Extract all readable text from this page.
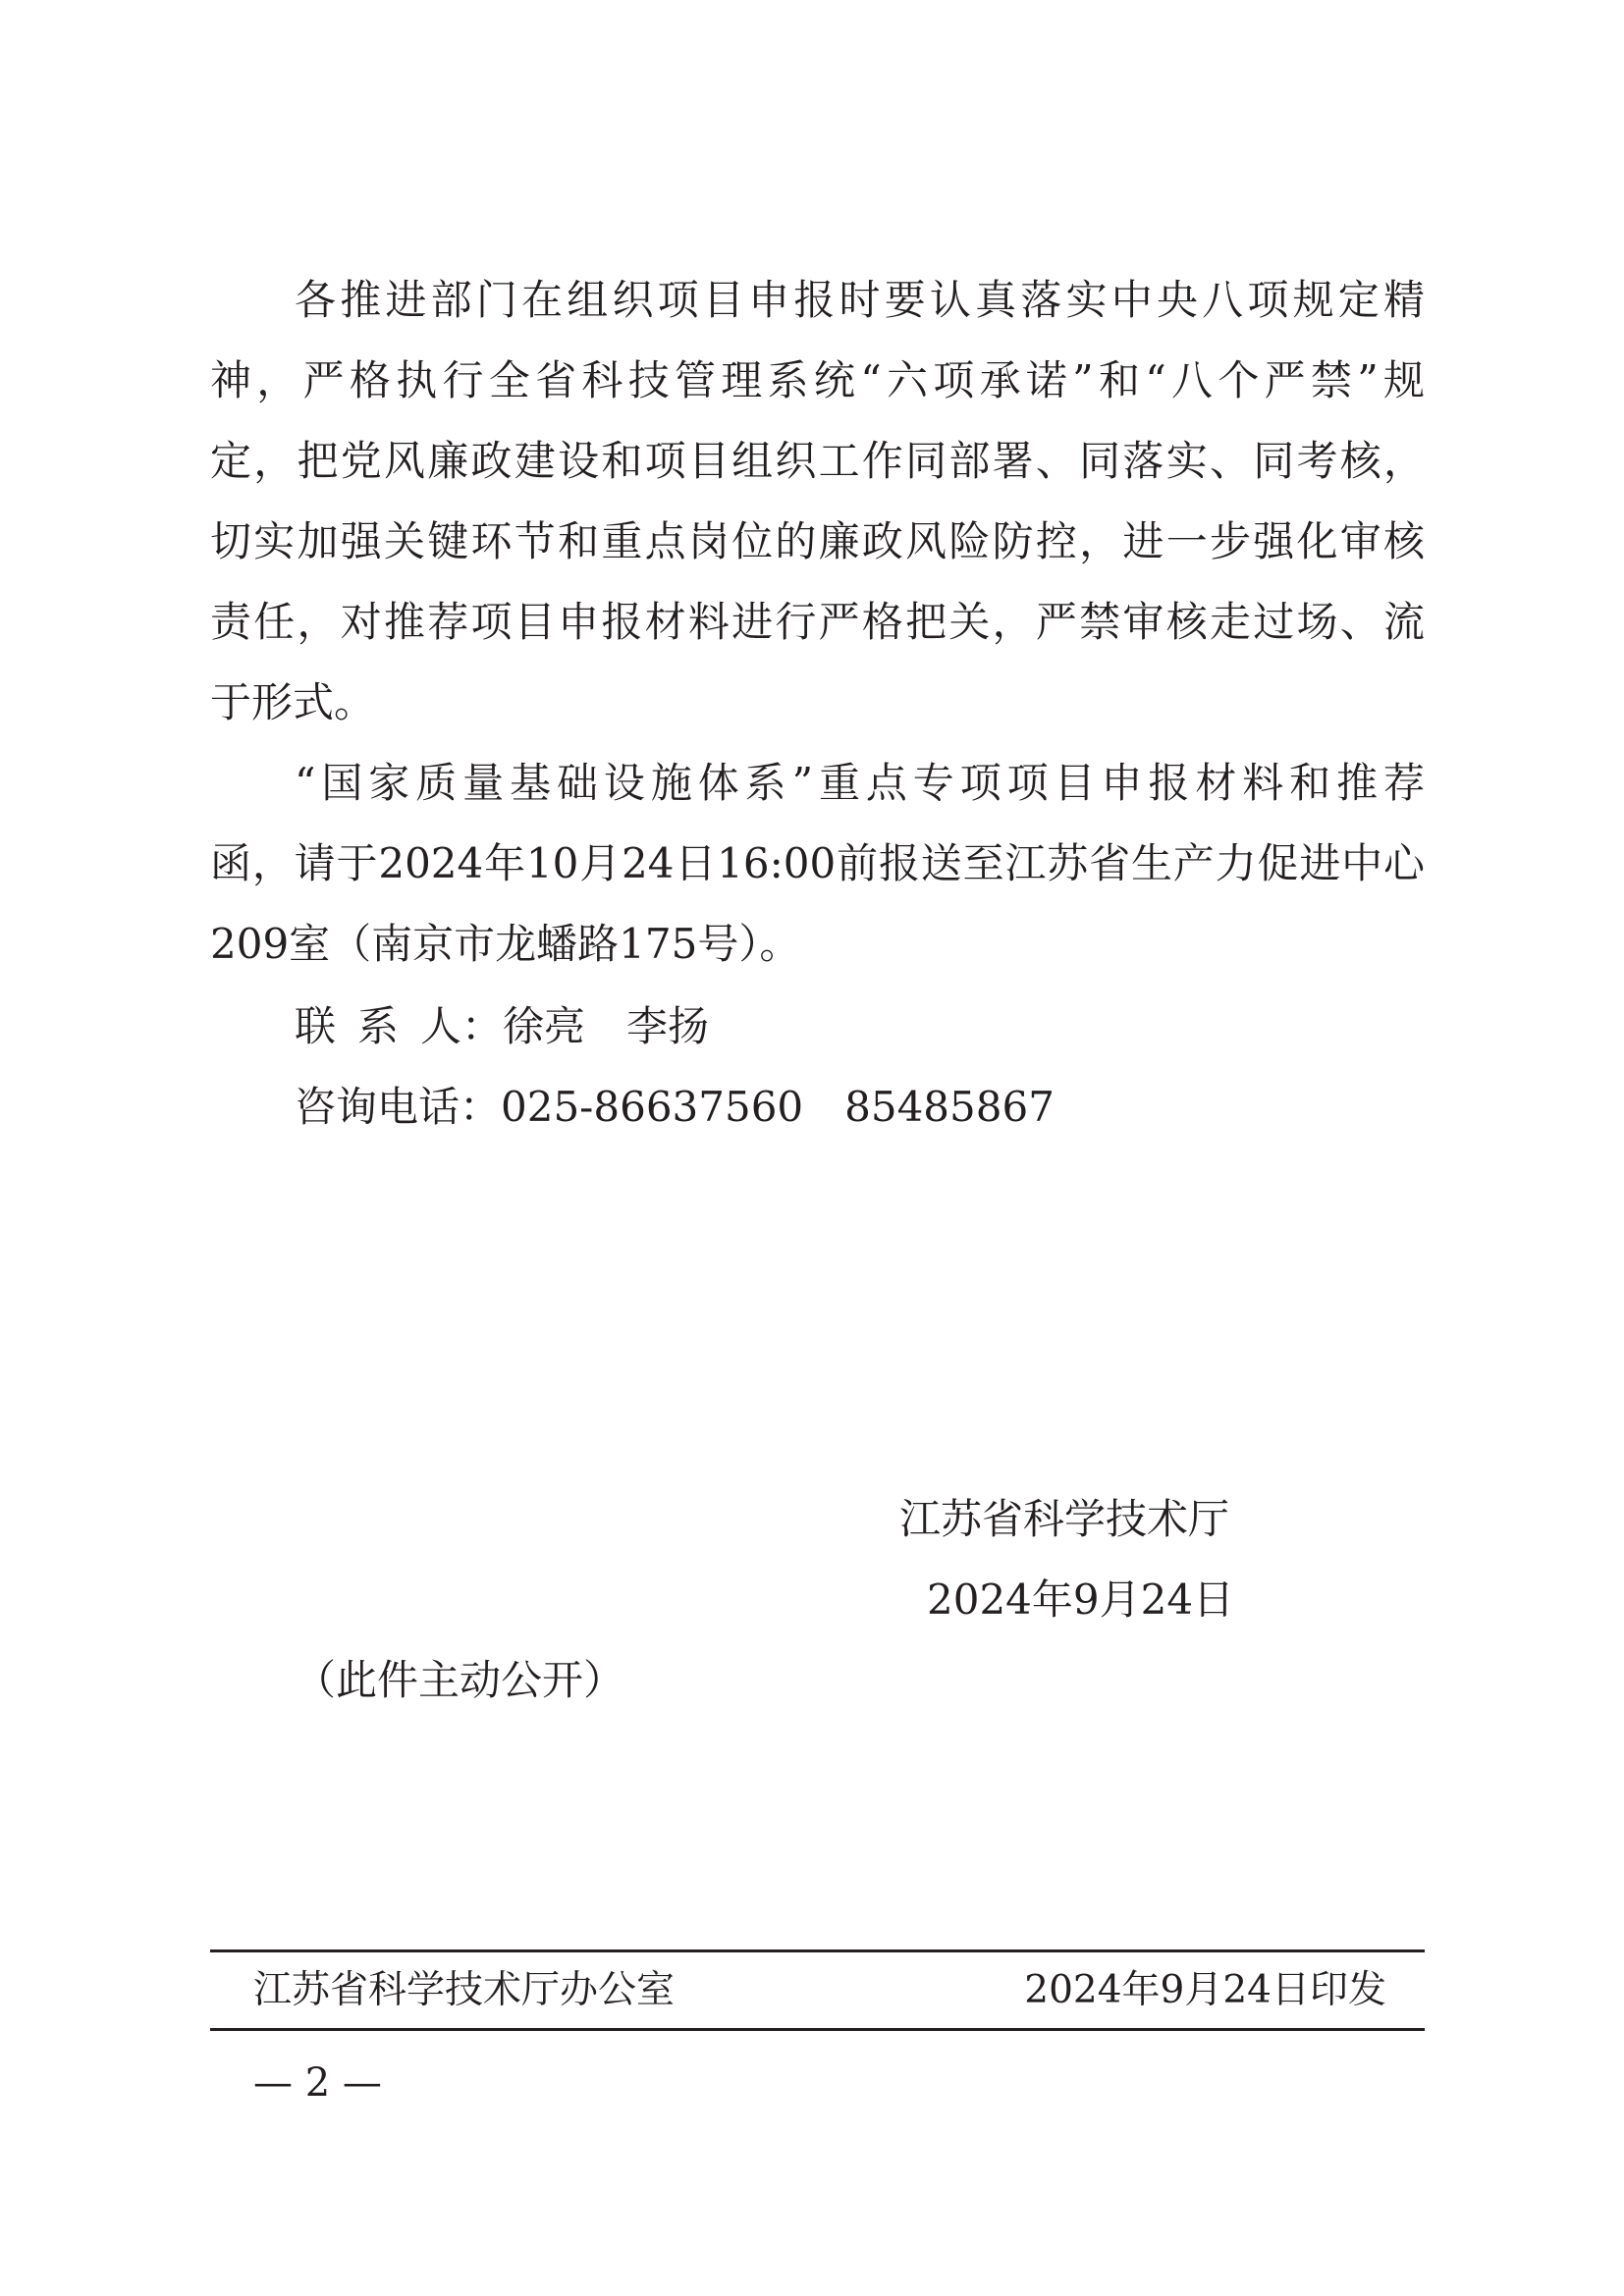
各推进部门在组织项目申报时要认真落实中央八项规定精
神，严格执行全省科技管理系统“六项承诺”和“八个严禁”规
定，把党风廉政建设和项目组织工作同部署、同落实、同考核，
切实加强关键环节和重点岗位的廉政风险防控，进一步强化审核
责任，对推荐项目申报材料进行严格把关，严禁审核走过场、流
于形式。
“国家质量基础设施体系”重点专项项目申报材料和推荐
函，请于2024年10月24日16:00前报送至江苏省生产力促进中心
209室（南京市龙蟠路175号）。
联 系 人：徐亮　李扬
咨询电话：025-86637560　85485867
江苏省科学技术厅
2024年9月24日
（此件主动公开）
江苏省科学技术厅办公室	2024年9月24日印发
— 2 —
